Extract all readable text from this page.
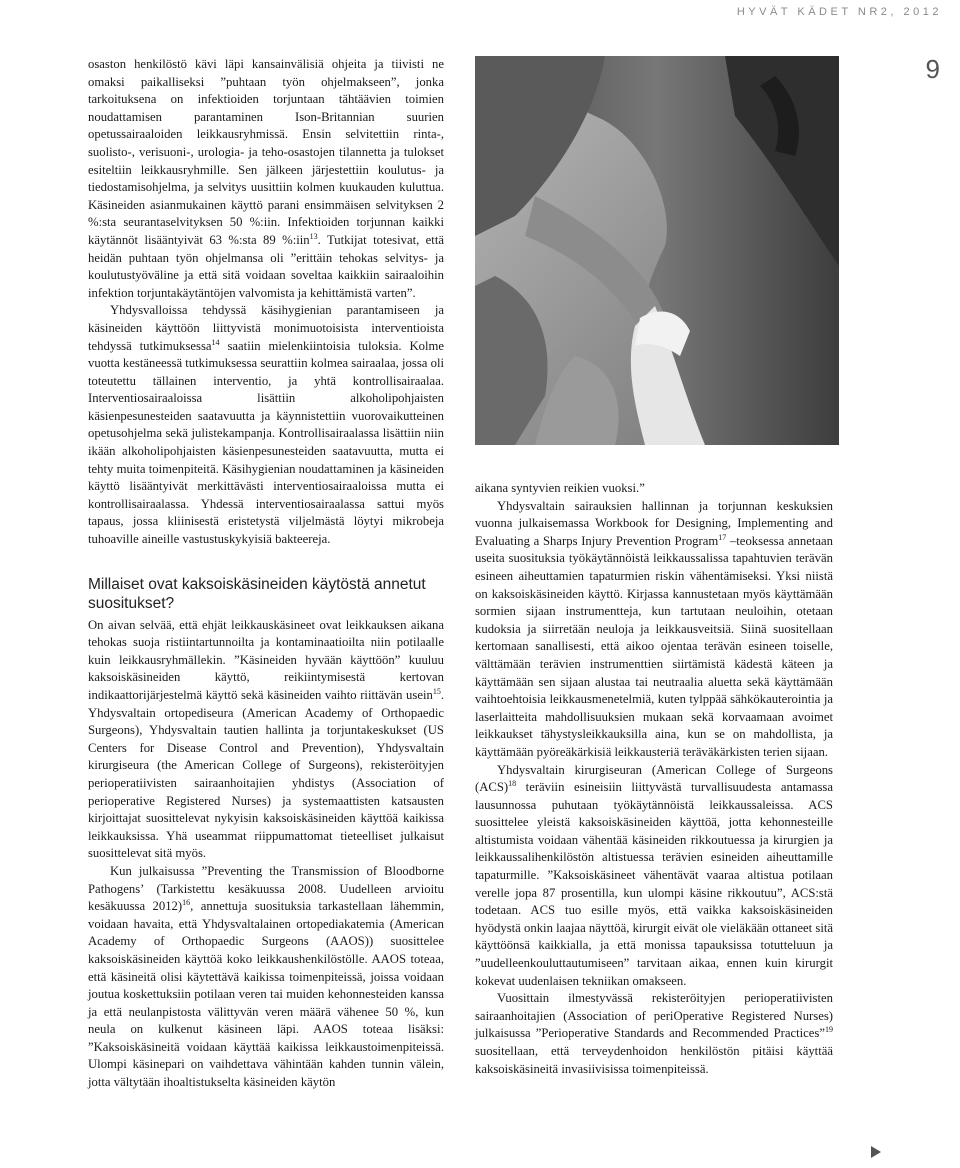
HYVÄT KÄDET NR2, 2012
9

osaston henkilöstö kävi läpi kansainvälisiä ohjeita ja tiivisti ne omaksi paikalliseksi ”puhtaan työn ohjelmakseen”, jonka tarkoituksena on infektioiden torjuntaan tähtäävien toimien noudattamisen parantaminen Ison-Britannian suurien opetussairaaloiden leikkausryhmissä. Ensin selvitettiin rinta-, suolisto-, verisuoni-, urologia- ja teho-osastojen tilannetta ja tulokset esiteltiin leikkausryhmille. Sen jälkeen järjestettiin koulutus- ja tiedostamisohjelma, ja selvitys uusittiin kolmen kuukauden kuluttua. Käsineiden asianmukainen käyttö parani ensimmäisen selvityksen 2 %:sta seurantaselvityksen 50 %:iin. Infektioiden torjunnan kaikki käytännöt lisääntyivät 63 %:sta 89 %:iin$^{13}$. Tutkijat totesivat, että heidän puhtaan työn ohjelmansa oli ”erittäin tehokas selvitys- ja koulutustyöväline ja että sitä voidaan soveltaa kaikkiin sairaaloihin infektion torjuntakäytäntöjen valvomista ja kehittämistä varten”.

Yhdysvalloissa tehdyssä käsihygienian parantamiseen ja käsineiden käyttöön liittyvistä monimuotoisista interventioista tehdyssä tutkimuksessa$^{14}$ saatiin mielenkiintoisia tuloksia. Kolme vuotta kestäneessä tutkimuksessa seurattiin kolmea sairaalaa, jossa oli toteutettu tällainen interventio, ja yhtä kontrollisairaalaa. Interventiosairaaloissa lisättiin alkoholipohjaisten käsienpesunesteiden saatavuutta ja käynnistettiin vuorovaikutteinen opetusohjelma sekä julistekampanja. Kontrollisairaalassa lisättiin niin ikään alkoholipohjaisten käsienpesunesteiden saatavuutta, mutta ei tehty muita toimenpiteitä. Käsihygienian noudattaminen ja käsineiden käyttö lisääntyivät merkittävästi interventiosairaaloissa mutta ei kontrollisairaalassa. Yhdessä interventiosairaalassa sattui myös tapaus, jossa kliinisestä eristetystä viljelmästä löytyi mikrobeja tuhoaville aineille vastustuskykyisiä bakteereja.

Millaiset ovat kaksoiskäsineiden käytöstä annetut suositukset?

On aivan selvää, että ehjät leikkauskäsineet ovat leikkauksen aikana tehokas suoja ristiintartunnoilta ja kontaminaatioilta niin potilaalle kuin leikkausryhmällekin. ”Käsineiden hyvään käyttöön” kuuluu kaksoiskäsineiden käyttö, reikiintymisestä kertovan indikaattorijärjestelmä käyttö sekä käsineiden vaihto riittävän usein$^{15}$. Yhdysvaltain ortopediseura (American Academy of Orthopaedic Surgeons), Yhdysvaltain tautien hallinta ja torjuntakeskukset (US Centers for Disease Control and Prevention), Yhdysvaltain kirurgiseura (the American College of Surgeons), rekisteröityjen perioperatiivisten sairaanhoitajien yhdistys (Association of perioperative Registered Nurses) ja systemaattisten katsausten kirjoittajat suosittelevat nykyisin kaksoiskäsineiden käyttöä kaikissa leikkauksissa. Yhä useammat riippumattomat tieteelliset julkaisut suosittelevat sitä myös.

Kun julkaisussa ”Preventing the Transmission of Bloodborne Pathogens’ (Tarkistettu kesäkuussa 2008. Uudelleen arvioitu kesäkuussa 2012)$^{16}$, annettuja suosituksia tarkastellaan lähemmin, voidaan havaita, että Yhdysvaltalainen ortopediakatemia (American Academy of Orthopaedic Surgeons (AAOS)) suosittelee kaksoiskäsineiden käyttöä koko leikkaushenkilöstölle. AAOS toteaa, että käsineitä olisi käytettävä kaikissa toimenpiteissä, joissa voidaan joutua koskettuksiin potilaan veren tai muiden kehonnesteiden kanssa ja että neulanpistosta välittyvän veren määrä vähenee 50 %, kun neula on kulkenut käsineen läpi. AAOS toteaa lisäksi: ”Kaksoiskäsineitä voidaan käyttää kaikissa leikkaustoimenpiteissä. Ulompi käsinepari on vaihdettava vähintään kahden tunnin välein, jotta vältytään ihoaltistukselta käsineiden käytön

aikana syntyvien reikien vuoksi.”

Yhdysvaltain sairauksien hallinnan ja torjunnan keskuksien vuonna julkaisemassa Workbook for Designing, Implementing and Evaluating a Sharps Injury Prevention Program$^{17}$ –teoksessa annetaan useita suosituksia työkäytännöistä leikkaussalissa tapahtuvien terävän esineen aiheuttamien tapaturmien riskin vähentämiseksi. Yksi niistä on kaksoiskäsineiden käyttö. Kirjassa kannustetaan myös käyttämään sormien sijaan instrumentteja, kun tartutaan neuloihin, otetaan kudoksia ja siirretään neuloja ja leikkausveitsiä. Siinä suositellaan kertomaan sanallisesti, että aikoo ojentaa terävän esineen toiselle, välttämään terävien instrumenttien siirtämistä kädestä käteen ja käyttämään sen sijaan alustaa tai neutraalia aluetta sekä käyttämään vaihtoehtoisia leikkausmenetelmiä, kuten tylppää sähkökauterointia ja laserlaitteita mahdollisuuksien mukaan sekä korvaamaan avoimet leikkaukset tähystysleikkauksilla aina, kun se on mahdollista, ja käyttämään pyöreäkärkisiä leikkausteriä teräväkärkisten terien sijaan.

Yhdysvaltain kirurgiseuran (American College of Surgeons (ACS)$^{18}$ teräviin esineisiin liittyvästä turvallisuudesta antamassa lausunnossa puhutaan työkäytännöistä leikkaussaleissa. ACS suosittelee yleistä kaksoiskäsineiden käyttöä, jotta kehonnesteille altistumista voidaan vähentää käsineiden rikkoutuessa ja kirurgien ja leikkaussalihenkilöstön altistuessa terävien esineiden aiheuttamille tapaturmille. ”Kaksoiskäsineet vähentävät vaaraa altistua potilaan verelle jopa 87 prosentilla, kun ulompi käsine rikkoutuu”, ACS:stä todetaan. ACS tuo esille myös, että vaikka kaksoiskäsineiden hyödystä onkin laajaa näyttöä, kirurgit eivät ole vieläkään ottaneet sitä käyttöönsä kaikkialla, ja että monissa tapauksissa totutteluun ja ”uudelleenkouluttautumiseen” tarvitaan aikaa, ennen kuin kirurgit kokevat uudenlaisen tekniikan omakseen.

Vuosittain ilmestyvässä rekisteröityjen perioperatiivisten sairaanhoitajien (Association of periOperative Registered Nurses) julkaisussa ”Perioperative Standards and Recommended Practices”$^{19}$ suositellaan, että terveydenhoidon henkilöstön pitäisi käyttää kaksoiskäsineitä invasiivisissa toimenpiteissä.
